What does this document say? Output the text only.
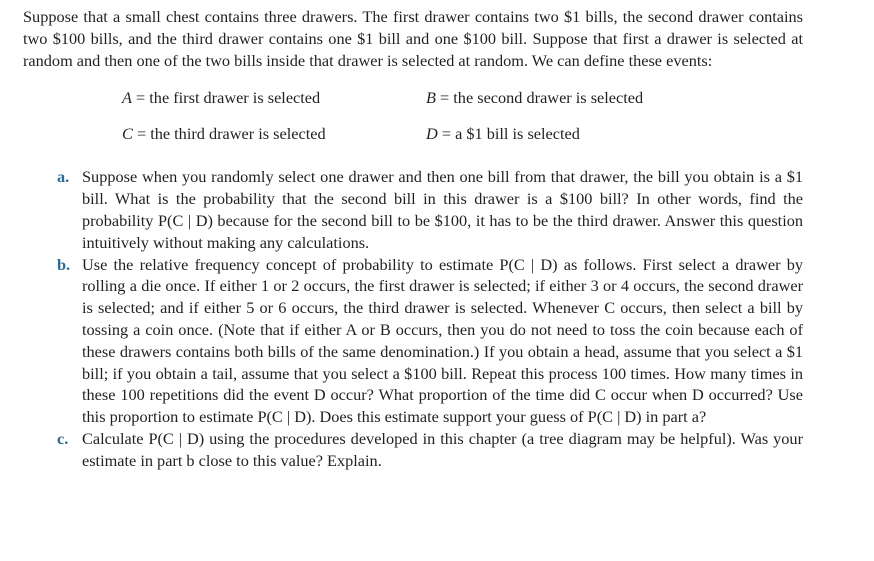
Suppose that a small chest contains three drawers. The first drawer contains two $1 bills, the second drawer contains two $100 bills, and the third drawer contains one $1 bill and one $100 bill. Suppose that first a drawer is selected at random and then one of the two bills inside that drawer is selected at random. We can define these events:

A = the first drawer is selected	B = the second drawer is selected
C = the third drawer is selected	D = a $1 bill is selected

a. Suppose when you randomly select one drawer and then one bill from that drawer, the bill you obtain is a $1 bill. What is the probability that the second bill in this drawer is a $100 bill? In other words, find the probability P(C | D) because for the second bill to be $100, it has to be the third drawer. Answer this question intuitively without making any calculations.

b. Use the relative frequency concept of probability to estimate P(C | D) as follows. First select a drawer by rolling a die once. If either 1 or 2 occurs, the first drawer is selected; if either 3 or 4 occurs, the second drawer is selected; and if either 5 or 6 occurs, the third drawer is selected. Whenever C occurs, then select a bill by tossing a coin once. (Note that if either A or B occurs, then you do not need to toss the coin because each of these drawers contains both bills of the same denomination.) If you obtain a head, assume that you select a $1 bill; if you obtain a tail, assume that you select a $100 bill. Repeat this process 100 times. How many times in these 100 repetitions did the event D occur? What proportion of the time did C occur when D occurred? Use this proportion to estimate P(C | D). Does this estimate support your guess of P(C | D) in part a?

c. Calculate P(C | D) using the procedures developed in this chapter (a tree diagram may be helpful). Was your estimate in part b close to this value? Explain.
